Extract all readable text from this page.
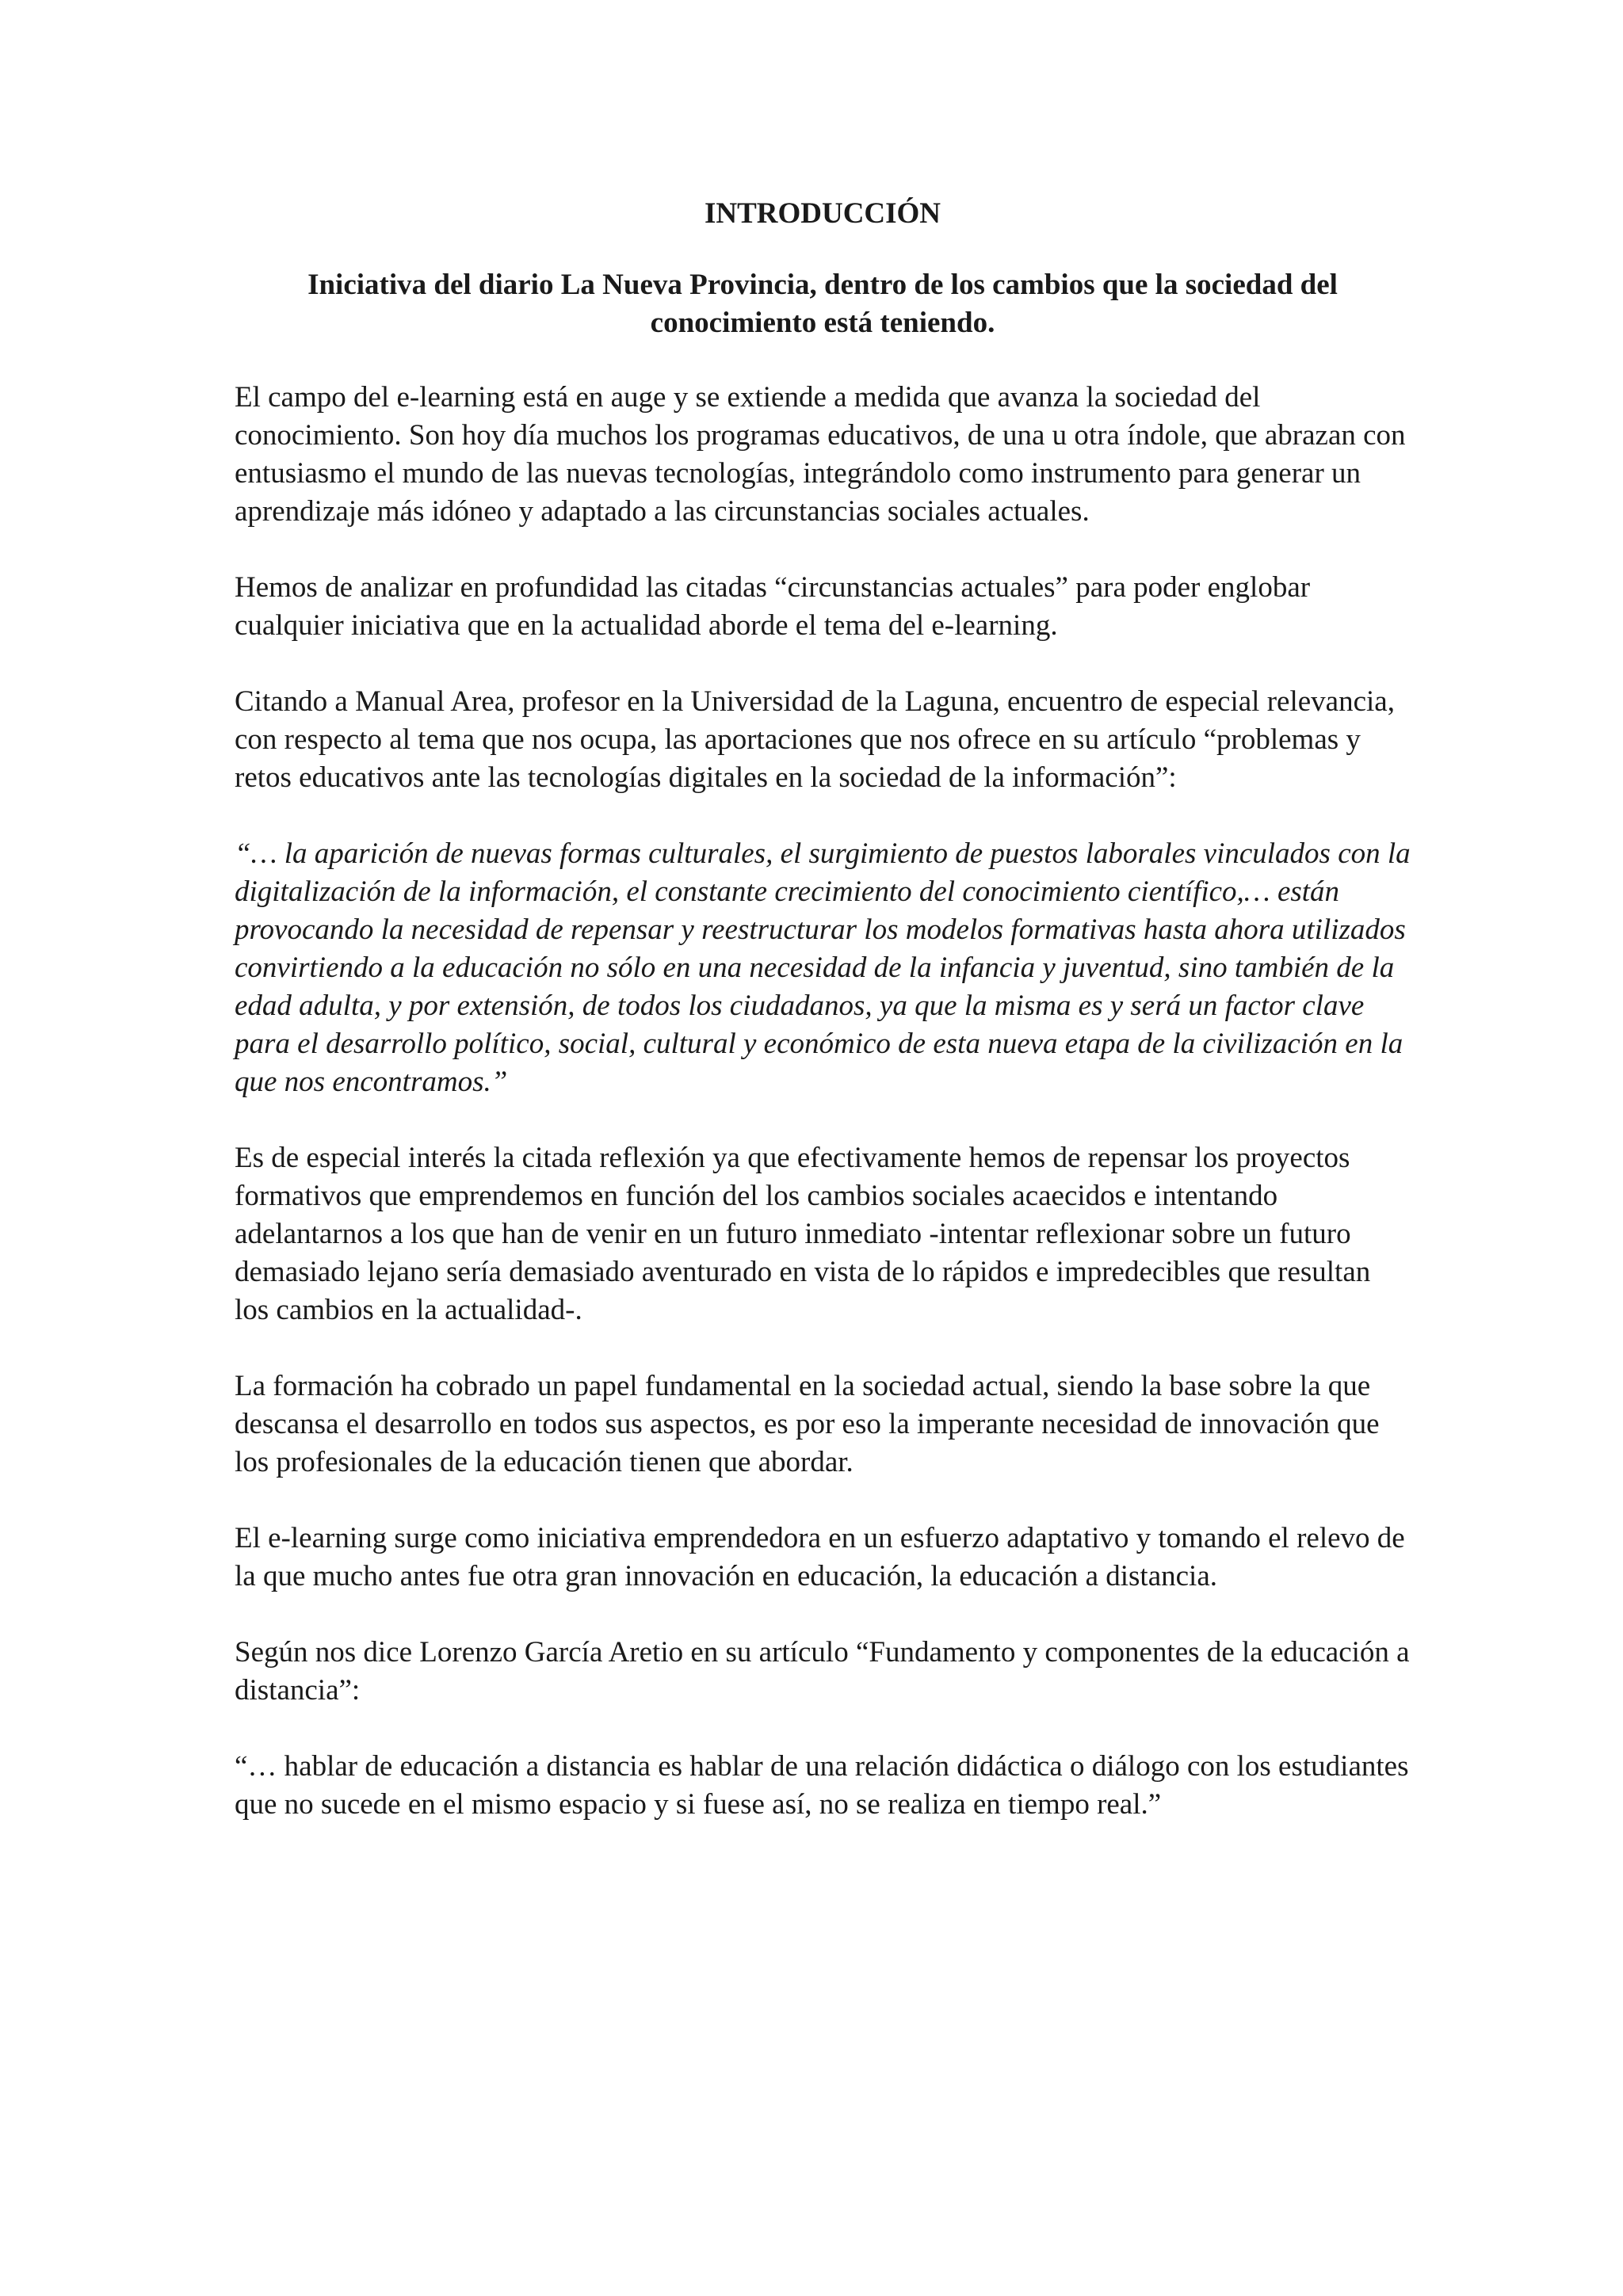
INTRODUCCIÓN

Iniciativa del diario La Nueva Provincia, dentro de los cambios que la sociedad del conocimiento está teniendo.

El campo del e-learning está en auge y se extiende a medida que avanza la sociedad del conocimiento. Son hoy día muchos los programas educativos, de una u otra índole, que abrazan con entusiasmo el mundo de las nuevas tecnologías, integrándolo como instrumento para generar un aprendizaje más idóneo y adaptado a las circunstancias sociales actuales.

Hemos de analizar en profundidad las citadas “circunstancias actuales” para poder englobar cualquier iniciativa que en la actualidad aborde el tema del e-learning.

Citando a Manual Area, profesor en la Universidad de la Laguna, encuentro de especial relevancia, con respecto al tema que nos ocupa, las aportaciones que nos ofrece en su artículo “problemas y retos educativos ante las tecnologías digitales en la sociedad de la información”:

“… la aparición de nuevas formas culturales, el surgimiento de puestos laborales vinculados con la digitalización de la información, el constante crecimiento del conocimiento científico,… están provocando la necesidad de repensar y reestructurar los modelos formativas hasta ahora utilizados convirtiendo a la educación no sólo en una necesidad de la infancia y juventud, sino también de la edad adulta, y por extensión, de todos los ciudadanos, ya que la misma es y será un factor clave para el desarrollo político, social, cultural y económico de esta nueva etapa de la civilización en la que nos encontramos.”

Es de especial interés la citada reflexión ya que efectivamente hemos de repensar los proyectos formativos que emprendemos en función del los cambios sociales acaecidos e intentando adelantarnos a los que han de venir en un futuro inmediato -intentar reflexionar sobre un futuro demasiado lejano sería demasiado aventurado en vista de lo rápidos e impredecibles que resultan los cambios en la actualidad-.

La formación ha cobrado un papel fundamental en la sociedad actual, siendo la base sobre la que descansa el desarrollo en todos sus aspectos, es por eso la imperante necesidad de innovación que los profesionales de la educación tienen que abordar.

El e-learning surge como iniciativa emprendedora en un esfuerzo adaptativo y tomando el relevo de la que mucho antes fue otra gran innovación en educación, la educación a distancia.

Según nos dice Lorenzo García Aretio en su artículo “Fundamento y componentes de la educación a distancia”:

“… hablar de educación a distancia es hablar de una relación didáctica o diálogo con los estudiantes que no sucede en el mismo espacio y si fuese así, no se realiza en tiempo real.”
